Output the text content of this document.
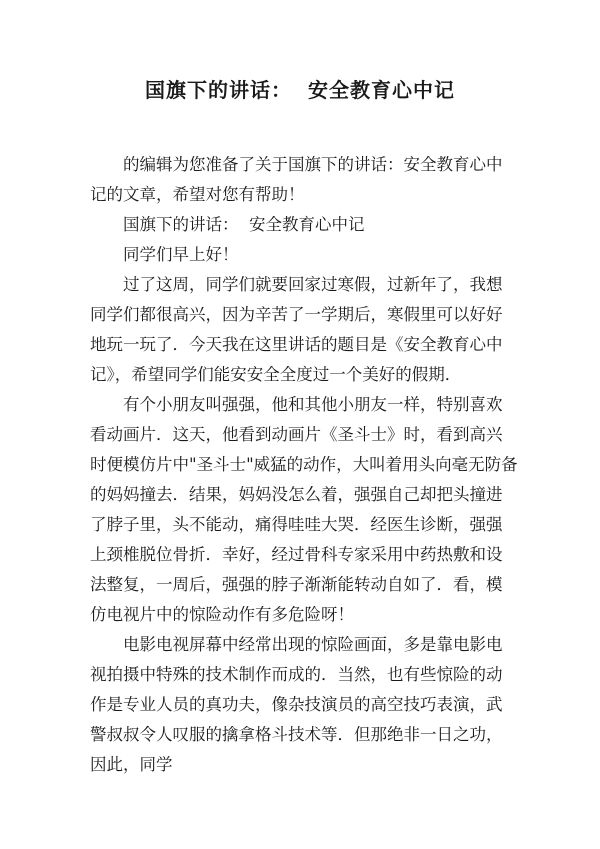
国旗下的讲话：  安全教育心中记

的编辑为您准备了关于国旗下的讲话：安全教育心中记的文章，希望对您有帮助！

国旗下的讲话：  安全教育心中记

同学们早上好！

过了这周，同学们就要回家过寒假，过新年了，我想同学们都很高兴，因为辛苦了一学期后，寒假里可以好好地玩一玩了．今天我在这里讲话的题目是《安全教育心中记》，希望同学们能安安全全度过一个美好的假期．

有个小朋友叫强强，他和其他小朋友一样，特别喜欢看动画片．这天，他看到动画片《圣斗士》时，看到高兴时便模仿片中"圣斗士"威猛的动作，大叫着用头向毫无防备的妈妈撞去．结果，妈妈没怎么着，强强自己却把头撞进了脖子里，头不能动，痛得哇哇大哭．经医生诊断，强强上颈椎脱位骨折．幸好，经过骨科专家采用中药热敷和设法整复，一周后，强强的脖子渐渐能转动自如了．看，模仿电视片中的惊险动作有多危险呀！

电影电视屏幕中经常出现的惊险画面，多是靠电影电视拍摄中特殊的技术制作而成的．当然，也有些惊险的动作是专业人员的真功夫，像杂技演员的高空技巧表演，武警叔叔令人叹服的擒拿格斗技术等．但那绝非一日之功，因此，同学
